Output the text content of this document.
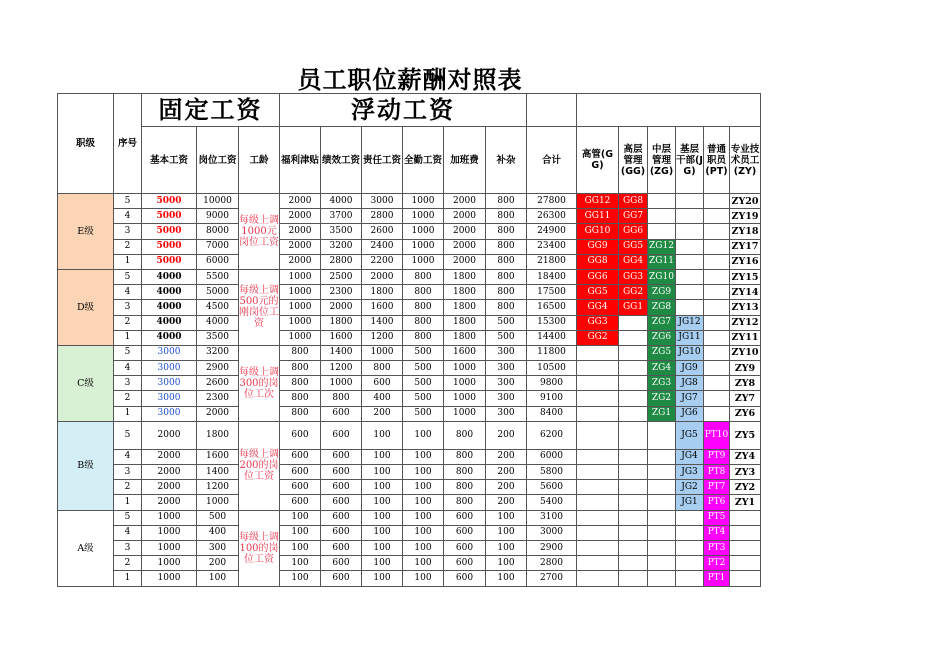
员工职位薪酬对照表
职级	序号	固定工资			浮动工资												
		基本工资	岗位工资	工龄	福利津贴	绩效工资	责任工资	全勤工资	加班费	补杂	合计	高管(GG)	高层管理(GG)	中层管理(ZG)	基层干部(JG)	普通职员(PT)	专业技术员工(ZY)
E级	5	5000	10000	每级上调1000元岗位工资	2000	4000	3000	1000	2000	800	27800	GG12	GG8				ZY20
	4	5000	9000		2000	3700	2800	1000	2000	800	26300	GG11	GG7				ZY19
	3	5000	8000		2000	3500	2600	1000	2000	800	24900	GG10	GG6				ZY18
	2	5000	7000		2000	3200	2400	1000	2000	800	23400	GG9	GG5	ZG12			ZY17
	1	5000	6000		2000	2800	2200	1000	2000	800	21800	GG8	GG4	ZG11			ZY16
D级	5	4000	5500	每级上调500元的刚岗位工资	1000	2500	2000	800	1800	800	18400	GG6	GG3	ZG10			ZY15
	4	4000	5000		1000	2300	1800	800	1800	800	17500	GG5	GG2	ZG9			ZY14
	3	4000	4500		1000	2000	1600	800	1800	800	16500	GG4	GG1	ZG8			ZY13
	2	4000	4000		1000	1800	1400	800	1800	500	15300	GG3		ZG7	JG12		ZY12
	1	4000	3500		1000	1600	1200	800	1800	500	14400	GG2		ZG6	JG11		ZY11
C级	5	3000	3200	每级上调300的岗位工次	800	1400	1000	500	1600	300	11800			ZG5	JG10		ZY10
	4	3000	2900		800	1200	800	500	1000	300	10500			ZG4	JG9		ZY9
	3	3000	2600		800	1000	600	500	1000	300	9800			ZG3	JG8		ZY8
	2	3000	2300		800	800	400	500	1000	300	9100			ZG2	JG7		ZY7
	1	3000	2000		800	600	200	500	1000	300	8400			ZG1	JG6		ZY6
B级	5	2000	1800	每级上调200的岗位工资	600	600	100	100	800	200	6200				JG5	PT10	ZY5
	4	2000	1600		600	600	100	100	800	200	6000				JG4	PT9	ZY4
	3	2000	1400		600	600	100	100	800	200	5800				JG3	PT8	ZY3
	2	2000	1200		600	600	100	100	800	200	5600				JG2	PT7	ZY2
	1	2000	1000		600	600	100	100	800	200	5400				JG1	PT6	ZY1
A级	5	1000	500	每级上调100的岗位工资	100	600	100	100	600	100	3100					PT5	
	4	1000	400		100	600	100	100	600	100	3000					PT4	
	3	1000	300		100	600	100	100	600	100	2900					PT3	
	2	1000	200		100	600	100	100	600	100	2800					PT2	
	1	1000	100		100	600	100	100	600	100	2700					PT1	
